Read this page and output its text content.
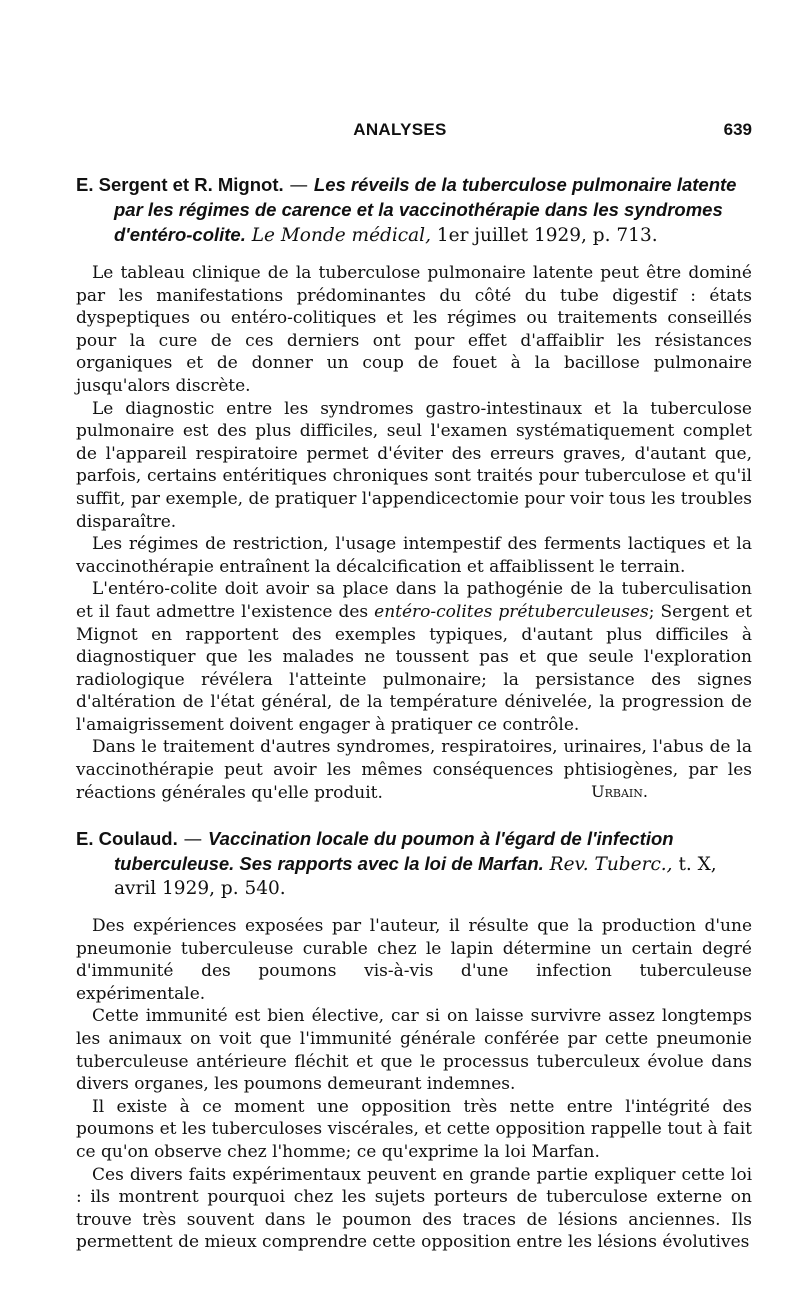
ANALYSES	639

E. Sergent et R. Mignot. — Les réveils de la tuberculose pulmonaire latente par les régimes de carence et la vaccinothérapie dans les syndromes d'entéro-colite. Le Monde médical, 1er juillet 1929, p. 713.

Le tableau clinique de la tuberculose pulmonaire latente peut être dominé par les manifestations prédominantes du côté du tube digestif : états dyspeptiques ou entéro-colitiques et les régimes ou traitements conseillés pour la cure de ces derniers ont pour effet d'affaiblir les résistances organiques et de donner un coup de fouet à la bacillose pulmonaire jusqu'alors discrète.

Le diagnostic entre les syndromes gastro-intestinaux et la tuberculose pulmonaire est des plus difficiles, seul l'examen systématiquement complet de l'appareil respiratoire permet d'éviter des erreurs graves, d'autant que, parfois, certains entéritiques chroniques sont traités pour tuberculose et qu'il suffit, par exemple, de pratiquer l'appendicectomie pour voir tous les troubles disparaître.

Les régimes de restriction, l'usage intempestif des ferments lactiques et la vaccinothérapie entraînent la décalcification et affaiblissent le terrain.

L'entéro-colite doit avoir sa place dans la pathogénie de la tuberculisation et il faut admettre l'existence des entéro-colites prétuberculeuses; Sergent et Mignot en rapportent des exemples typiques, d'autant plus difficiles à diagnostiquer que les malades ne toussent pas et que seule l'exploration radiologique révélera l'atteinte pulmonaire; la persistance des signes d'altération de l'état général, de la température dénivelée, la progression de l'amaigrissement doivent engager à pratiquer ce contrôle.

Dans le traitement d'autres syndromes, respiratoires, urinaires, l'abus de la vaccinothérapie peut avoir les mêmes conséquences phtisiogènes, par les réactions générales qu'elle produit.	Urbain.

E. Coulaud. — Vaccination locale du poumon à l'égard de l'infection tuberculeuse. Ses rapports avec la loi de Marfan. Rev. Tuberc., t. X, avril 1929, p. 540.

Des expériences exposées par l'auteur, il résulte que la production d'une pneumonie tuberculeuse curable chez le lapin détermine un certain degré d'immunité des poumons vis-à-vis d'une infection tuberculeuse expérimentale.

Cette immunité est bien élective, car si on laisse survivre assez longtemps les animaux on voit que l'immunité générale conférée par cette pneumonie tuberculeuse antérieure fléchit et que le processus tuberculeux évolue dans divers organes, les poumons demeurant indemnes.

Il existe à ce moment une opposition très nette entre l'intégrité des poumons et les tuberculoses viscérales, et cette opposition rappelle tout à fait ce qu'on observe chez l'homme; ce qu'exprime la loi Marfan.

Ces divers faits expérimentaux peuvent en grande partie expliquer cette loi : ils montrent pourquoi chez les sujets porteurs de tuberculose externe on trouve très souvent dans le poumon des traces de lésions anciennes. Ils permettent de mieux comprendre cette opposition entre les lésions évolutives
